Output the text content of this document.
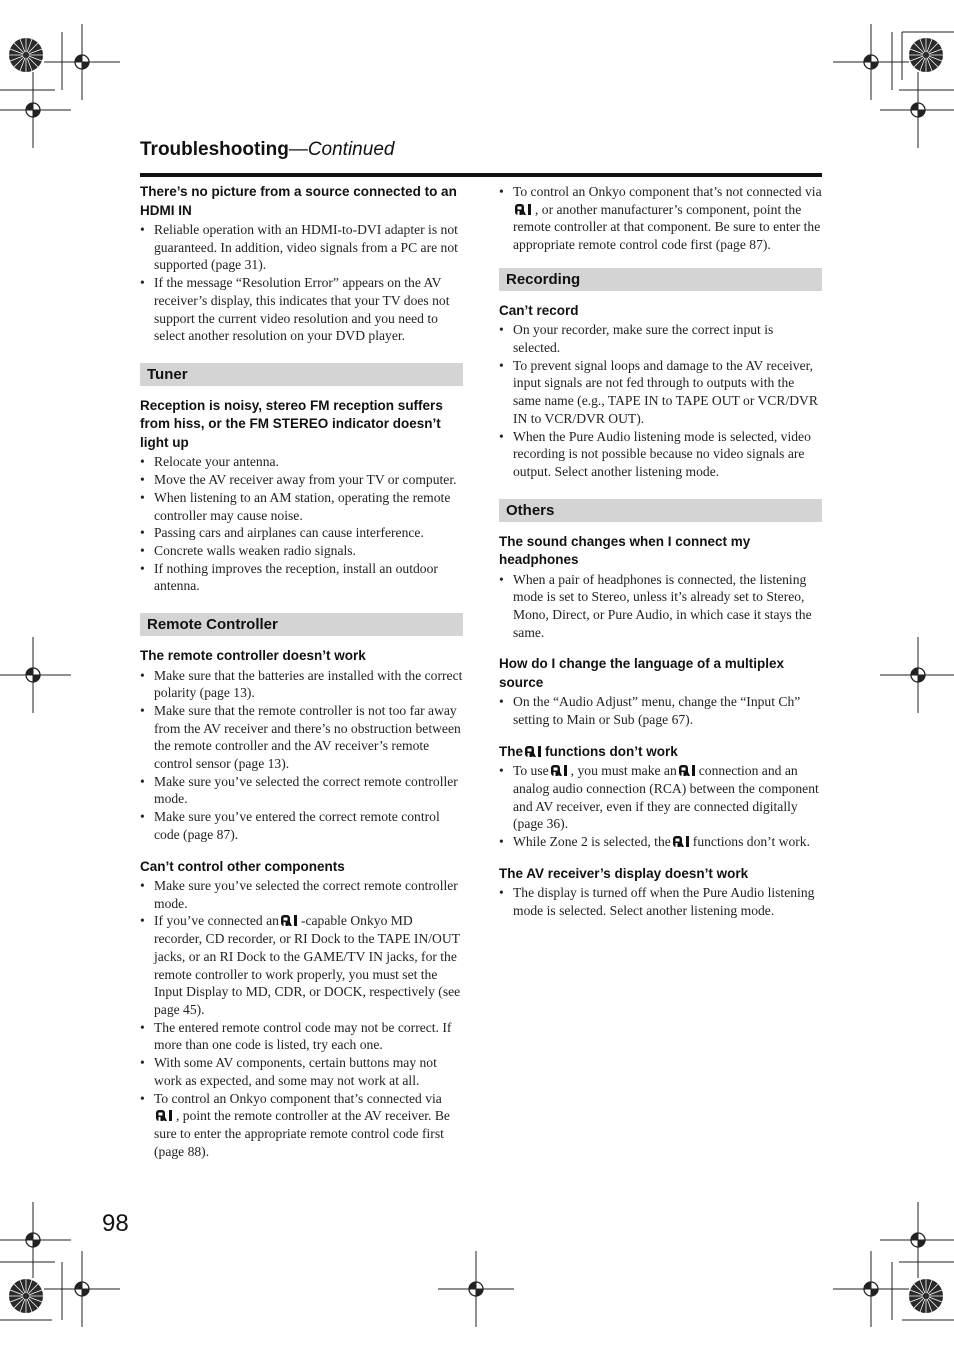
Troubleshooting—Continued
There’s no picture from a source connected to an HDMI IN
• Reliable operation with an HDMI-to-DVI adapter is not guaranteed. In addition, video signals from a PC are not supported (page 31).
• If the message “Resolution Error” appears on the AV receiver’s display, this indicates that your TV does not support the current video resolution and you need to select another resolution on your DVD player.
Tuner
Reception is noisy, stereo FM reception suffers from hiss, or the FM STEREO indicator doesn’t light up
• Relocate your antenna.
• Move the AV receiver away from your TV or computer.
• When listening to an AM station, operating the remote controller may cause noise.
• Passing cars and airplanes can cause interference.
• Concrete walls weaken radio signals.
• If nothing improves the reception, install an outdoor antenna.
Remote Controller
The remote controller doesn’t work
• Make sure that the batteries are installed with the correct polarity (page 13).
• Make sure that the remote controller is not too far away from the AV receiver and there’s no obstruction between the remote controller and the AV receiver’s remote control sensor (page 13).
• Make sure you’ve selected the correct remote controller mode.
• Make sure you’ve entered the correct remote control code (page 87).
Can’t control other components
• Make sure you’ve selected the correct remote controller mode.
• If you’ve connected an -capable Onkyo MD recorder, CD recorder, or RI Dock to the TAPE IN/OUT jacks, or an RI Dock to the GAME/TV IN jacks, for the remote controller to work properly, you must set the Input Display to MD, CDR, or DOCK, respectively (see page 45).
• The entered remote control code may not be correct. If more than one code is listed, try each one.
• With some AV components, certain buttons may not work as expected, and some may not work at all.
• To control an Onkyo component that’s connected via, point the remote controller at the AV receiver. Be sure to enter the appropriate remote control code first (page 88).
• To control an Onkyo component that’s not connected via, or another manufacturer’s component, point the remote controller at that component. Be sure to enter the appropriate remote control code first (page 87).
Recording
Can’t record
• On your recorder, make sure the correct input is selected.
• To prevent signal loops and damage to the AV receiver, input signals are not fed through to outputs with the same name (e.g., TAPE IN to TAPE OUT or VCR/DVR IN to VCR/DVR OUT).
• When the Pure Audio listening mode is selected, video recording is not possible because no video signals are output. Select another listening mode.
Others
The sound changes when I connect my headphones
• When a pair of headphones is connected, the listening mode is set to Stereo, unless it’s already set to Stereo, Mono, Direct, or Pure Audio, in which case it stays the same.
How do I change the language of a multiplex source
• On the “Audio Adjust” menu, change the “Input Ch” setting to Main or Sub (page 67).
The functions don’t work
• To use , you must make an connection and an analog audio connection (RCA) between the component and AV receiver, even if they are connected digitally (page 36).
• While Zone 2 is selected, the functions don’t work.
The AV receiver’s display doesn’t work
• The display is turned off when the Pure Audio listening mode is selected. Select another listening mode.
98
